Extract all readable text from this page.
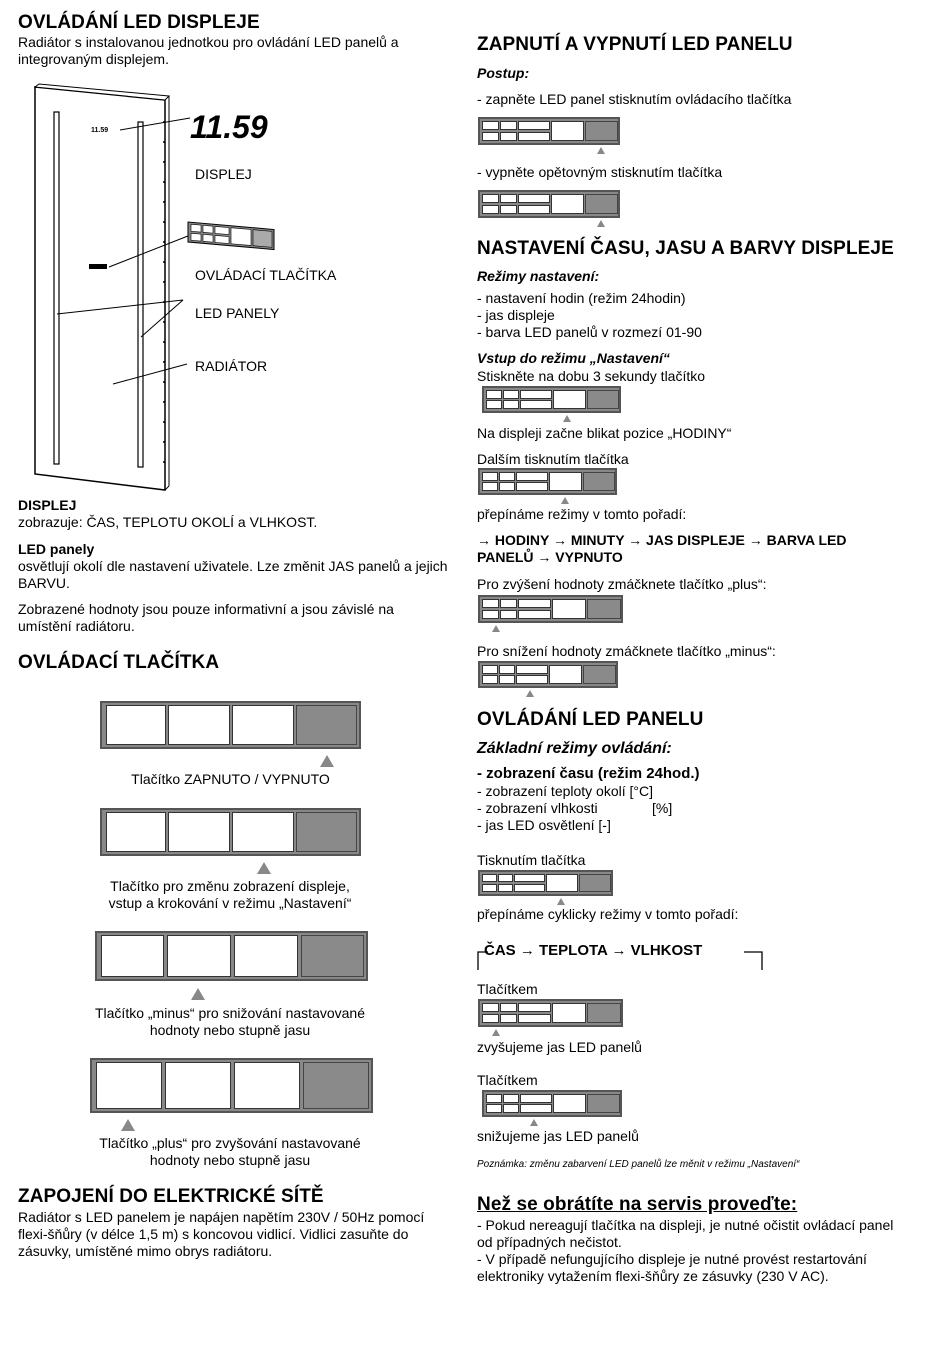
OVLÁDÁNÍ LED DISPLEJE
Radiátor s instalovanou jednotkou pro ovládání LED panelů a integrovaným displejem.
11.59	11.59
DISPLEJ
OVLÁDACÍ TLAČÍTKA
LED PANELY
RADIÁTOR
DISPLEJ
zobrazuje: ČAS, TEPLOTU OKOLÍ a VLHKOST.
LED panely
osvětlují okolí dle nastavení uživatele. Lze změnit JAS panelů a jejich BARVU.
Zobrazené hodnoty jsou pouze informativní a jsou závislé na umístění radiátoru.
OVLÁDACÍ TLAČÍTKA
Tlačítko ZAPNUTO / VYPNUTO
Tlačítko pro změnu zobrazení displeje,
vstup a krokování v režimu „Nastavení“
Tlačítko „minus“ pro snižování nastavované
hodnoty nebo stupně jasu
Tlačítko „plus“ pro zvyšování nastavované
hodnoty nebo stupně jasu
ZAPOJENÍ DO ELEKTRICKÉ SÍTĚ
Radiátor s LED panelem je napájen napětím 230V / 50Hz pomocí flexi-šňůry (v délce 1,5 m) s koncovou vidlicí. Vidlici zasuňte do zásuvky, umístěné mimo obrys radiátoru.
ZAPNUTÍ A VYPNUTÍ LED PANELU
Postup:
- zapněte LED panel stisknutím ovládacího tlačítka
- vypněte opětovným stisknutím tlačítka
NASTAVENÍ ČASU, JASU A BARVY DISPLEJE
Režimy nastavení:
- nastavení hodin (režim 24hodin)
- jas displeje
- barva LED panelů v rozmezí 01-90
Vstup do režimu „Nastavení“
Stiskněte na dobu 3 sekundy tlačítko
Na displeji začne blikat pozice „HODINY“
Dalším tisknutím tlačítka
přepínáme režimy v tomto pořadí:
→ HODINY → MINUTY → JAS DISPLEJE → BARVA LED PANELŮ → VYPNUTO
Pro zvýšení hodnoty zmáčknete tlačítko „plus“:
Pro snížení hodnoty zmáčknete tlačítko „minus“:
OVLÁDÁNÍ LED PANELU
Základní režimy ovládání:
- zobrazení času (režim 24hod.)
- zobrazení teploty okolí [°C]
- zobrazení vlhkosti	[%]
- jas LED osvětlení [-]
Tisknutím tlačítka
přepínáme cyklicky režimy v tomto pořadí:
ČAS → TEPLOTA → VLHKOST
Tlačítkem
zvyšujeme jas LED panelů
Tlačítkem
snižujeme jas LED panelů
Poznámka: změnu zabarvení LED panelů lze měnit v režimu „Nastavení“
Než se obrátíte na servis proveďte:
- Pokud nereagují tlačítka na displeji, je nutné očistit ovládací panel od případných nečistot.
- V případě nefungujícího displeje je nutné provést restartování elektroniky vytažením flexi-šňůry ze zásuvky (230 V AC).
